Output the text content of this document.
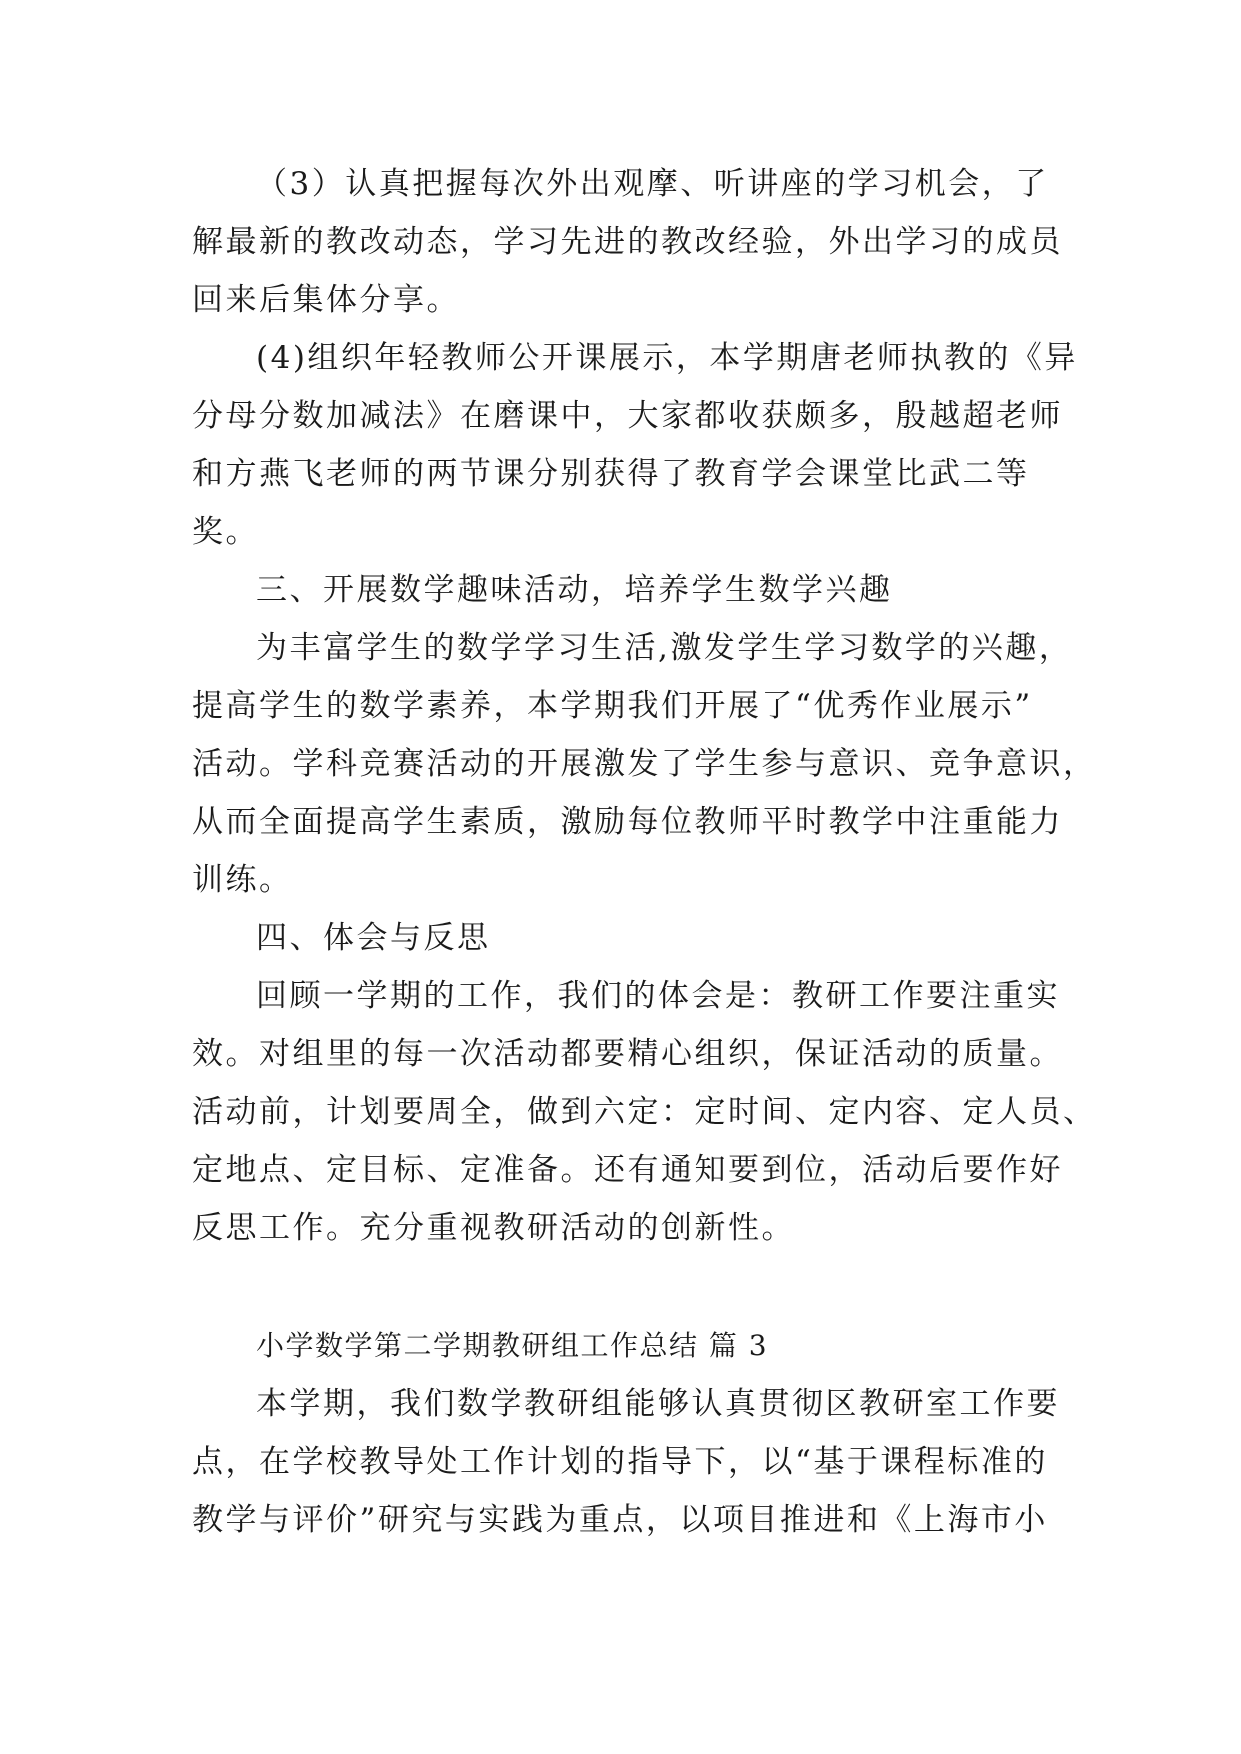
（3）认真把握每次外出观摩、听讲座的学习机会，了
解最新的教改动态，学习先进的教改经验，外出学习的成员
回来后集体分享。
(4)组织年轻教师公开课展示，本学期唐老师执教的《异
分母分数加减法》在磨课中，大家都收获颇多，殷越超老师
和方燕飞老师的两节课分别获得了教育学会课堂比武二等
奖。
三、开展数学趣味活动，培养学生数学兴趣
为丰富学生的数学学习生活,激发学生学习数学的兴趣，
提高学生的数学素养，本学期我们开展了“优秀作业展示”
活动。学科竞赛活动的开展激发了学生参与意识、竞争意识，
从而全面提高学生素质，激励每位教师平时教学中注重能力
训练。
四、体会与反思
回顾一学期的工作，我们的体会是：教研工作要注重实
效。对组里的每一次活动都要精心组织，保证活动的质量。
活动前，计划要周全，做到六定：定时间、定内容、定人员、
定地点、定目标、定准备。还有通知要到位，活动后要作好
反思工作。充分重视教研活动的创新性。
小学数学第二学期教研组工作总结 篇 3
本学期，我们数学教研组能够认真贯彻区教研室工作要
点，在学校教导处工作计划的指导下，以“基于课程标准的
教学与评价”研究与实践为重点，以项目推进和《上海市小
